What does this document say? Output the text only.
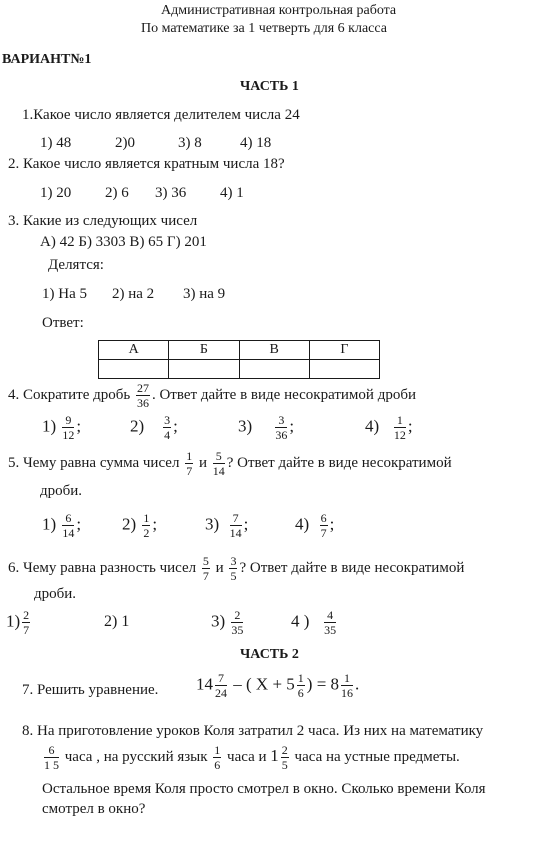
Административная контрольная работа
По математике за 1 четверть для 6 класса
ВАРИАНТ№1
ЧАСТЬ 1
1.Какое число является делителем числа 24
1) 48	2)0	3) 8	4) 18
2. Какое число является кратным числа 18?
1) 20 2) 6 3) 36 4) 1
3. Какие из следующих чисел
А) 42 Б) 3303 В) 65 Г) 201
Делятся:
1) На 5 2) на 2 3) на 9
Ответ:
А	Б	В	Г

4. Сократите дробь $\frac{27}{36}$ . Ответ дайте в виде несократимой дроби
$1) \frac{9}{12}$ ;	$2) \frac{3}{4}$ ;	$3) \frac{3}{36}$ ;	$4) \frac{1}{12}$ ;
5. Чему равна сумма чисел $\frac{1}{7}$ и $\frac{5}{14}$ ? Ответ дайте в виде несократимой
дроби.
$1) \frac{6}{14}$ ; $2) \frac{1}{2}$ ;	$3) \frac{7}{14}$ ;	$4) \frac{6}{7}$ ;
6. Чему равна разность чисел $\frac{5}{7}$ и $\frac{3}{5}$ ? Ответ дайте в виде несократимой
дроби.
$1) \frac{2}{7}$	2) 1	$3) \frac{2}{35}$	4 ) $\frac{4}{35}$
ЧАСТЬ 2
7. Решить уравнение. $14 \frac{7}{24}$ – ( $X + 5 \frac{1}{6}$ ) = $8 \frac{1}{16}$ .
8. На приготовление уроков Коля затратил 2 часа. Из них на математику
$\frac{6}{1 5}$ часа , на русский язык $\frac{1}{6}$ часа и $1 \frac{2}{5}$ часа на устные предметы.
Остальное время Коля просто смотрел в окно. Сколько времени Коля
смотрел в окно?
